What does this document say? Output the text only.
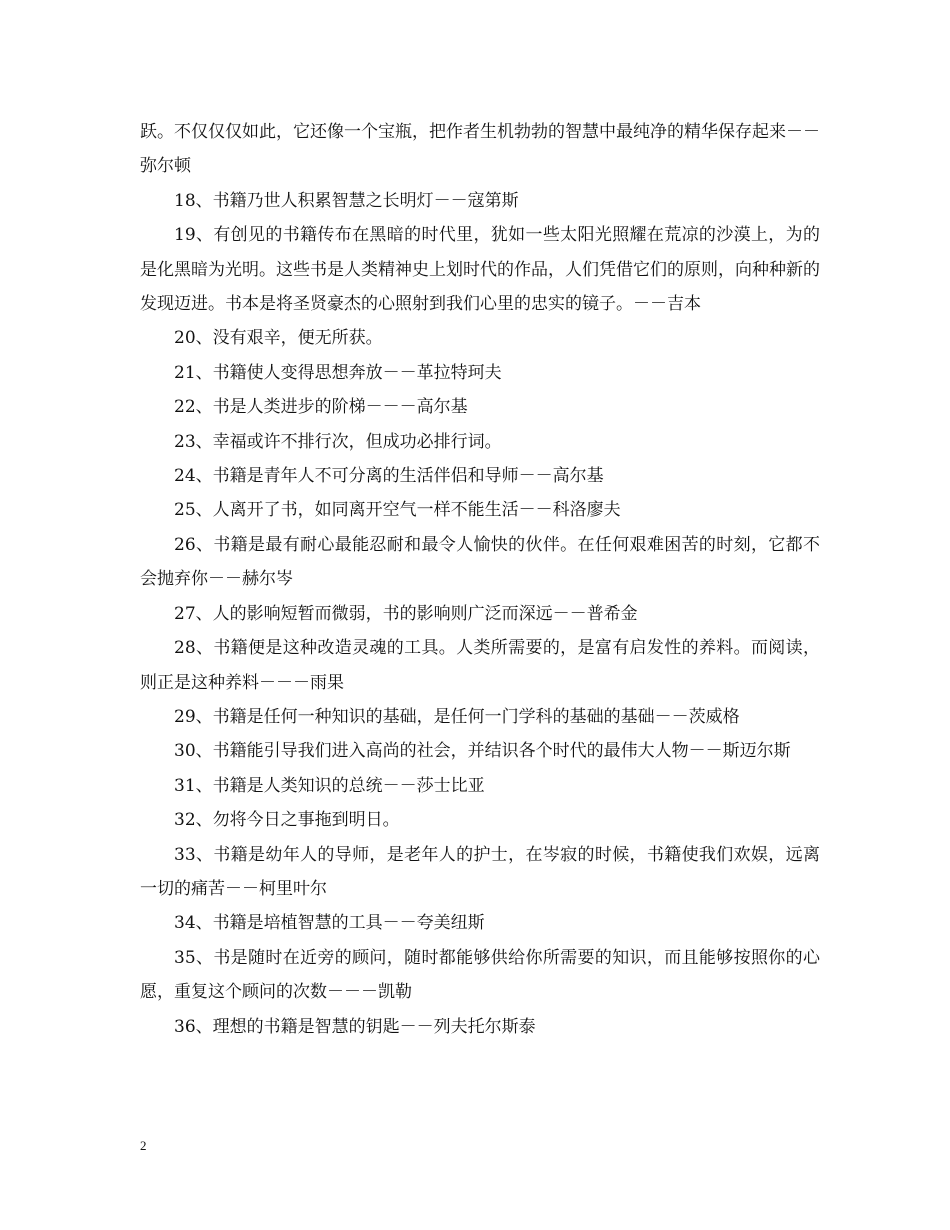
跃。不仅仅仅如此，它还像一个宝瓶，把作者生机勃勃的智慧中最纯净的精华保存起来－－弥尔顿

18、书籍乃世人积累智慧之长明灯－－寇第斯

19、有创见的书籍传布在黑暗的时代里，犹如一些太阳光照耀在荒凉的沙漠上，为的是化黑暗为光明。这些书是人类精神史上划时代的作品，人们凭借它们的原则，向种种新的发现迈进。书本是将圣贤豪杰的心照射到我们心里的忠实的镜子。－－吉本

20、没有艰辛，便无所获。

21、书籍使人变得思想奔放－－革拉特珂夫

22、书是人类进步的阶梯－－－高尔基

23、幸福或许不排行次，但成功必排行词。

24、书籍是青年人不可分离的生活伴侣和导师－－高尔基

25、人离开了书，如同离开空气一样不能生活－－科洛廖夫

26、书籍是最有耐心最能忍耐和最令人愉快的伙伴。在任何艰难困苦的时刻，它都不会抛弃你－－赫尔岑

27、人的影响短暂而微弱，书的影响则广泛而深远－－普希金

28、书籍便是这种改造灵魂的工具。人类所需要的，是富有启发性的养料。而阅读，则正是这种养料－－－雨果

29、书籍是任何一种知识的基础，是任何一门学科的基础的基础－－茨威格

30、书籍能引导我们进入高尚的社会，并结识各个时代的最伟大人物－－斯迈尔斯

31、书籍是人类知识的总统－－莎士比亚

32、勿将今日之事拖到明日。

33、书籍是幼年人的导师，是老年人的护士，在岑寂的时候，书籍使我们欢娱，远离一切的痛苦－－柯里叶尔

34、书籍是培植智慧的工具－－夸美纽斯

35、书是随时在近旁的顾问，随时都能够供给你所需要的知识，而且能够按照你的心愿，重复这个顾问的次数－－－凯勒

36、理想的书籍是智慧的钥匙－－列夫托尔斯泰

2
